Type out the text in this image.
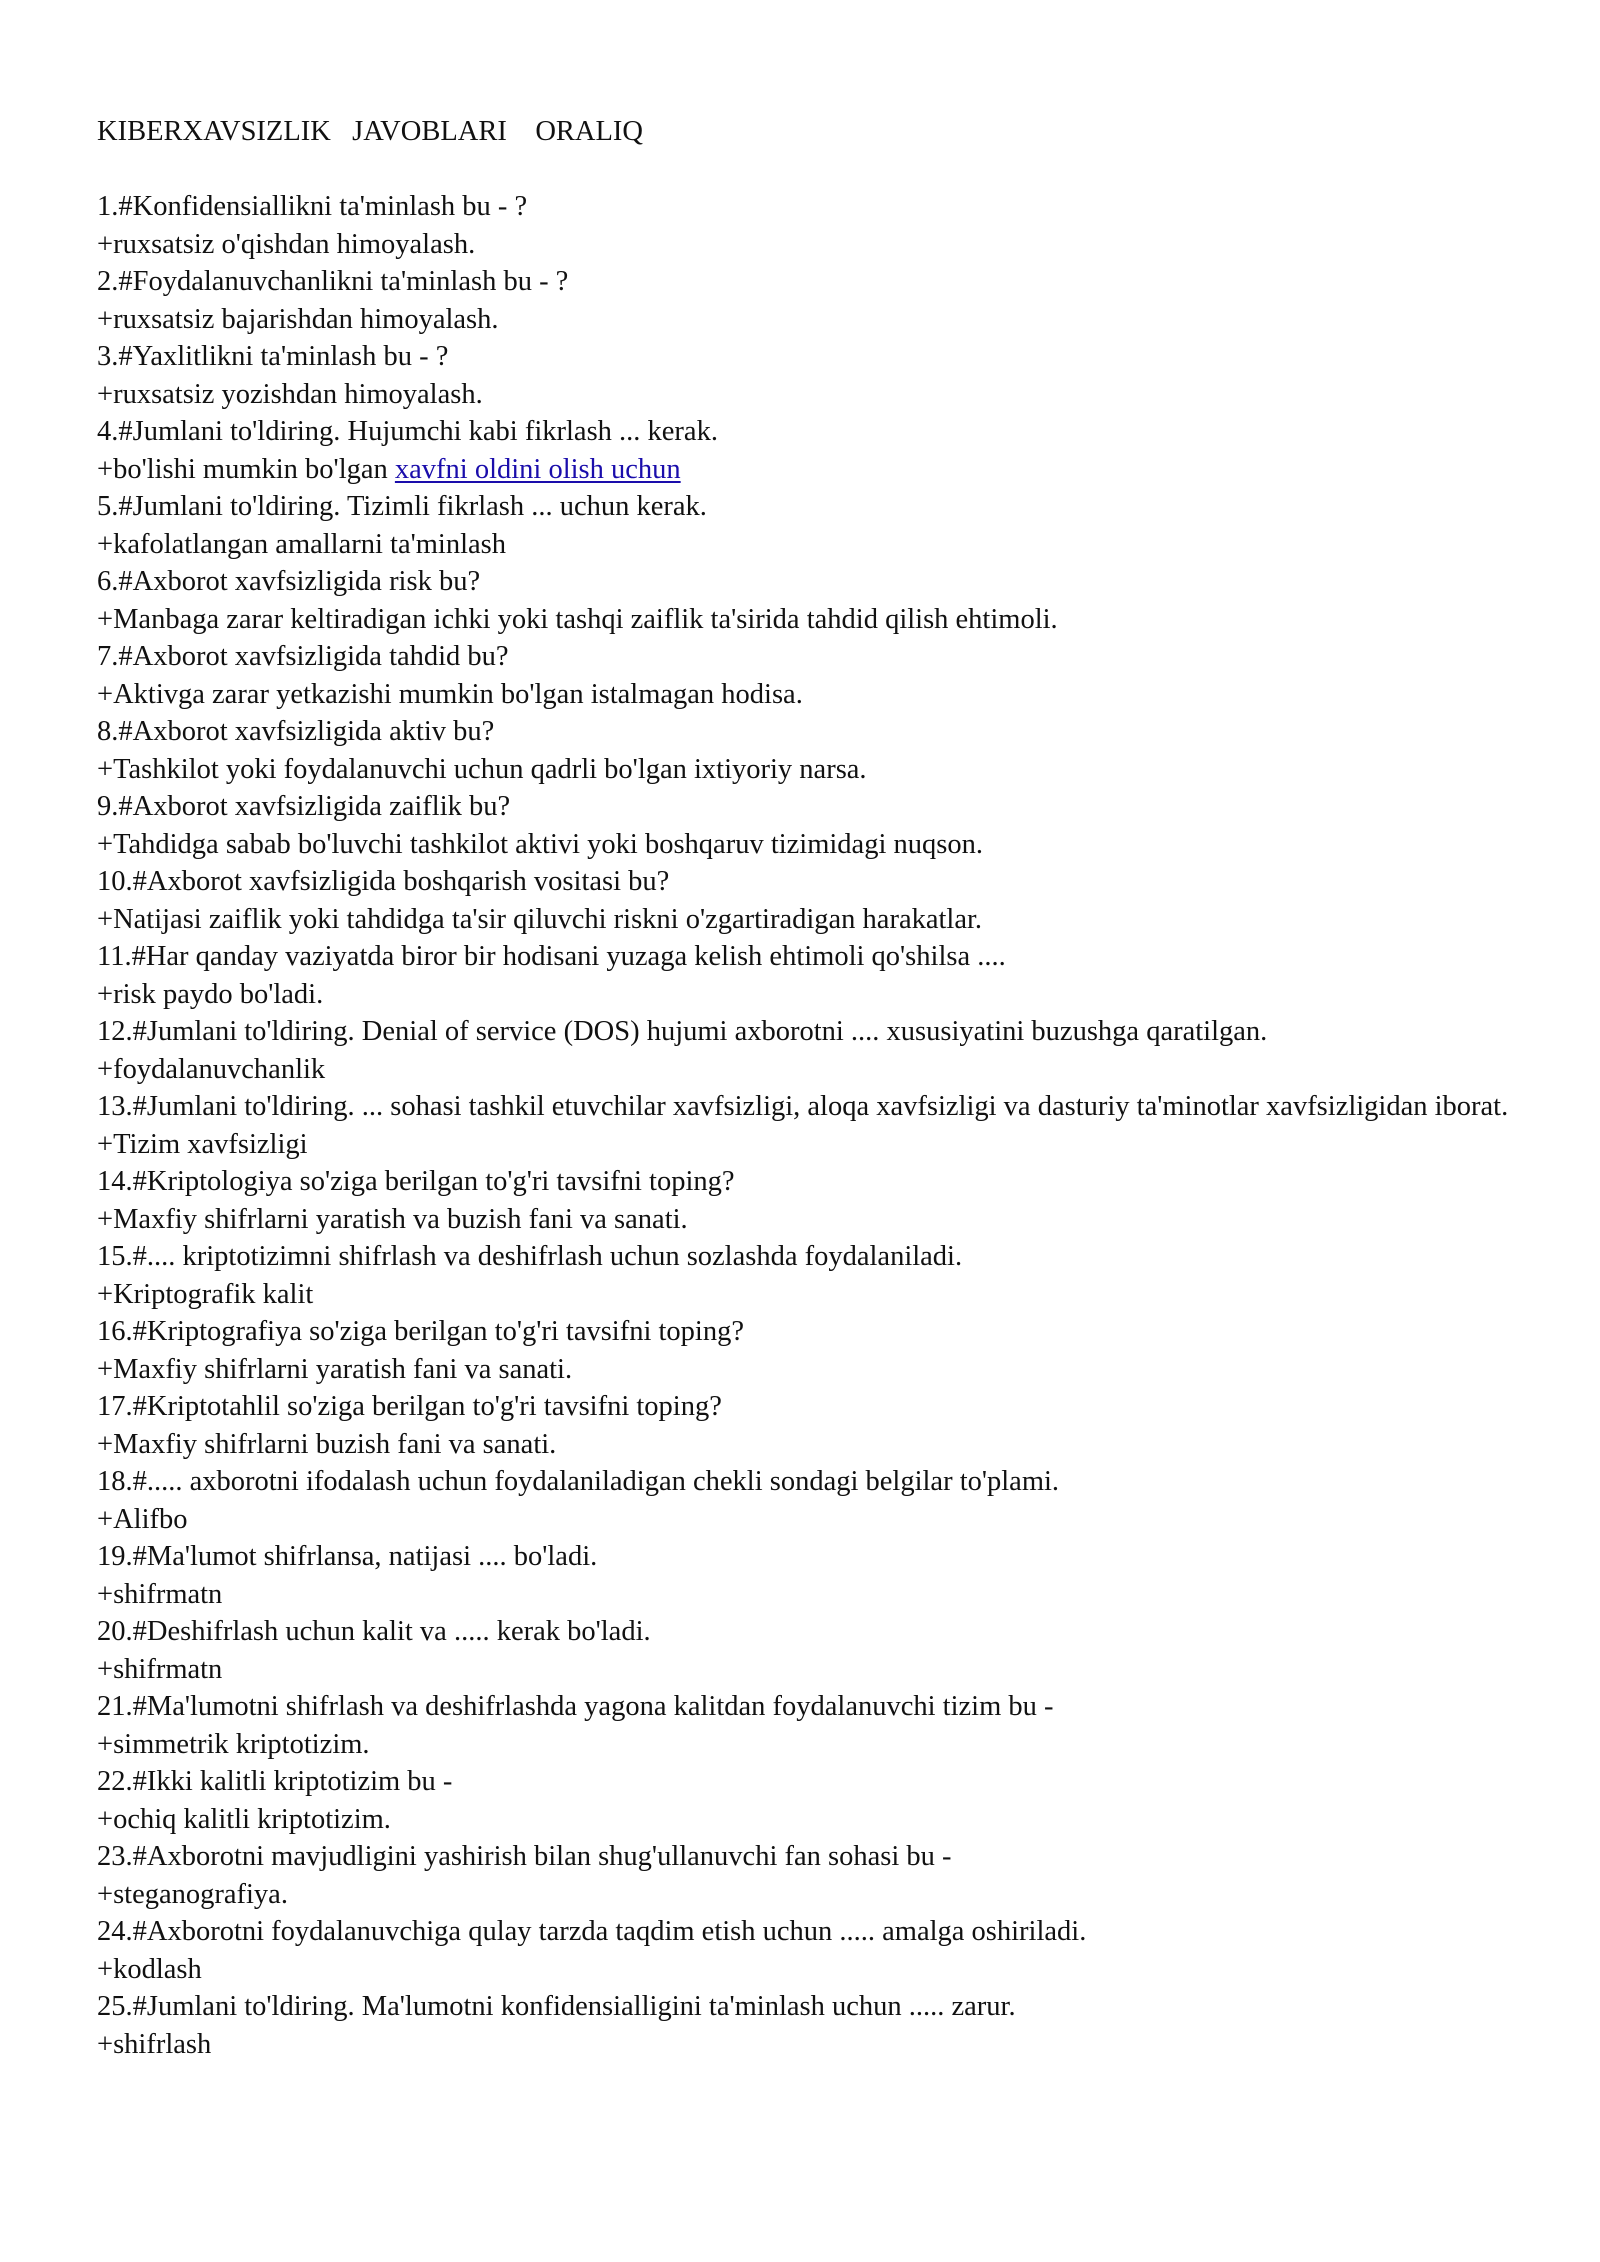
KIBERXAVSIZLIK   JAVOBLARI    ORALIQ

1.#Konfidensiallikni ta'minlash bu - ?

+ruxsatsiz o'qishdan himoyalash.

2.#Foydalanuvchanlikni ta'minlash bu - ?

+ruxsatsiz bajarishdan himoyalash.

3.#Yaxlitlikni ta'minlash bu - ?

+ruxsatsiz yozishdan himoyalash.

4.#Jumlani to'ldiring. Hujumchi kabi fikrlash ... kerak.

+bo'lishi mumkin bo'lgan xavfni oldini olish uchun

5.#Jumlani to'ldiring. Tizimli fikrlash ... uchun kerak.

+kafolatlangan amallarni ta'minlash

6.#Axborot xavfsizligida risk bu?

+Manbaga zarar keltiradigan ichki yoki tashqi zaiflik ta'sirida tahdid qilish ehtimoli.

7.#Axborot xavfsizligida tahdid bu?

+Aktivga zarar yetkazishi mumkin bo'lgan istalmagan hodisa.

8.#Axborot xavfsizligida aktiv bu?

+Tashkilot yoki foydalanuvchi uchun qadrli bo'lgan ixtiyoriy narsa.

9.#Axborot xavfsizligida zaiflik bu?

+Tahdidga sabab bo'luvchi tashkilot aktivi yoki boshqaruv tizimidagi nuqson.

10.#Axborot xavfsizligida boshqarish vositasi bu?

+Natijasi zaiflik yoki tahdidga ta'sir qiluvchi riskni o'zgartiradigan harakatlar.

11.#Har qanday vaziyatda biror bir hodisani yuzaga kelish ehtimoli qo'shilsa ....

+risk paydo bo'ladi.

12.#Jumlani to'ldiring. Denial of service (DOS) hujumi axborotni .... xususiyatini buzushga qaratilgan.

+foydalanuvchanlik

13.#Jumlani to'ldiring. ... sohasi tashkil etuvchilar xavfsizligi, aloqa xavfsizligi va dasturiy ta'minotlar xavfsizligidan iborat.

+Tizim xavfsizligi

14.#Kriptologiya so'ziga berilgan to'g'ri tavsifni toping?

+Maxfiy shifrlarni yaratish va buzish fani va sanati.

15.#.... kriptotizimni shifrlash va deshifrlash uchun sozlashda foydalaniladi.

+Kriptografik kalit

16.#Kriptografiya so'ziga berilgan to'g'ri tavsifni toping?

+Maxfiy shifrlarni yaratish fani va sanati.

17.#Kriptotahlil so'ziga berilgan to'g'ri tavsifni toping?

+Maxfiy shifrlarni buzish fani va sanati.

18.#..... axborotni ifodalash uchun foydalaniladigan chekli sondagi belgilar to'plami.

+Alifbo

19.#Ma'lumot shifrlansa, natijasi .... bo'ladi.

+shifrmatn

20.#Deshifrlash uchun kalit va ..... kerak bo'ladi.

+shifrmatn

21.#Ma'lumotni shifrlash va deshifrlashda yagona kalitdan foydalanuvchi tizim bu -

+simmetrik kriptotizim.

22.#Ikki kalitli kriptotizim bu -

+ochiq kalitli kriptotizim.

23.#Axborotni mavjudligini yashirish bilan shug'ullanuvchi fan sohasi bu -

+steganografiya.

24.#Axborotni foydalanuvchiga qulay tarzda taqdim etish uchun ..... amalga oshiriladi.

+kodlash

25.#Jumlani to'ldiring. Ma'lumotni konfidensialligini ta'minlash uchun ..... zarur.

+shifrlash
